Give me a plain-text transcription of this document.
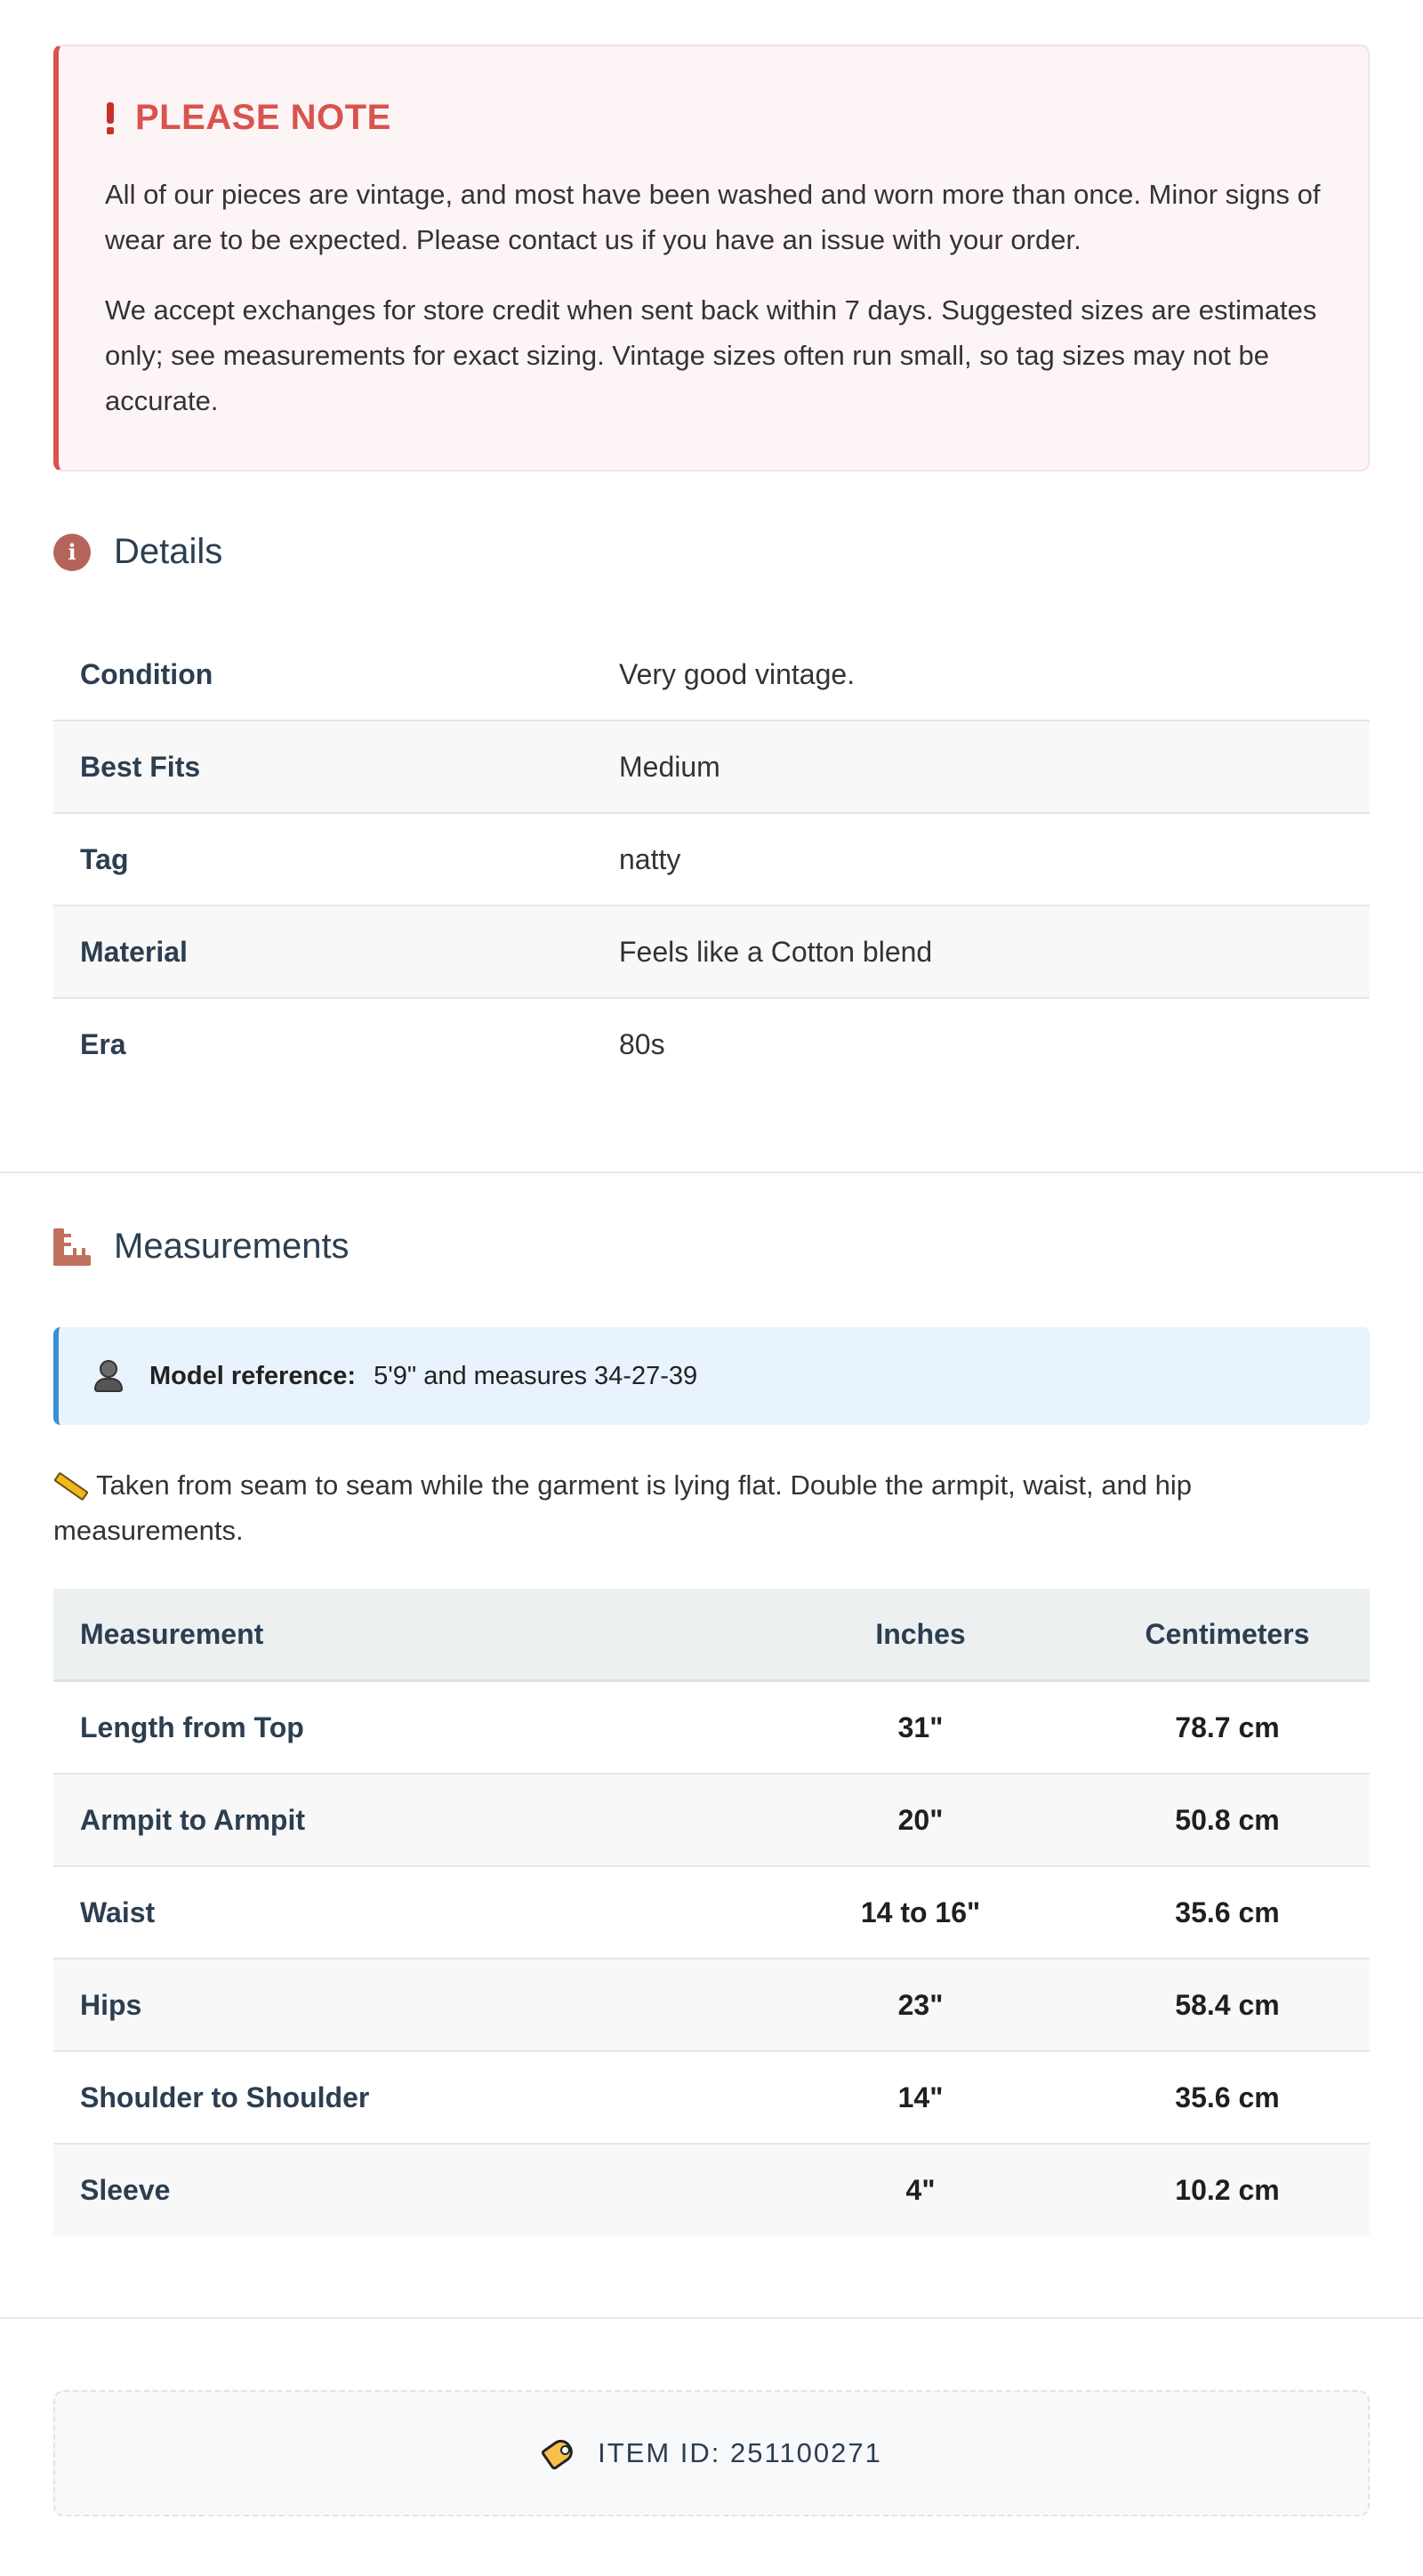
PLEASE NOTE

All of our pieces are vintage, and most have been washed and worn more than once. Minor signs of wear are to be expected. Please contact us if you have an issue with your order.

We accept exchanges for store credit when sent back within 7 days. Suggested sizes are estimates only; see measurements for exact sizing. Vintage sizes often run small, so tag sizes may not be accurate.

i	Details
Condition	Very good vintage.
Best Fits	Medium
Tag	natty
Material	Feels like a Cotton blend
Era	80s
Measurements
Model reference: 5'9" and measures 34-27-39
Taken from seam to seam while the garment is lying flat. Double the armpit, waist, and hip measurements.
Measurement	Inches	Centimeters
Length from Top	31"	78.7 cm
Armpit to Armpit	20"	50.8 cm
Waist	14 to 16"	35.6 cm
Hips	23"	58.4 cm
Shoulder to Shoulder	14"	35.6 cm
Sleeve	4"	10.2 cm
ITEM ID: 251100271
